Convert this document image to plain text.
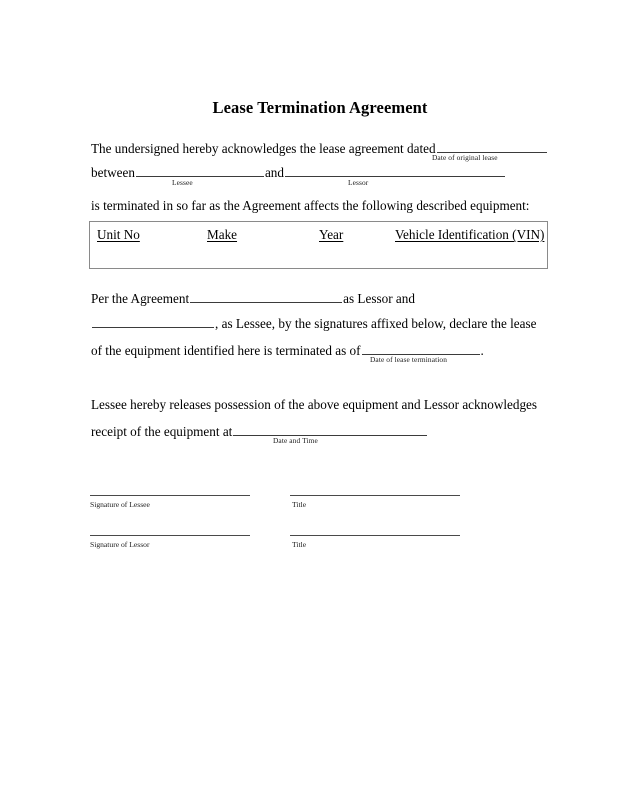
Lease Termination Agreement
The undersigned hereby acknowledges the lease agreement dated
Date of original lease
between	and
Lessee	Lessor
is terminated in so far as the Agreement affects the following described equipment:
Unit No	Make	Year	Vehicle Identification (VIN)
Per the Agreement	as Lessor and
, as Lessee, by the signatures affixed below, declare the lease
of the equipment identified here is terminated as of	.
Date of lease termination
Lessee hereby releases possession of the above equipment and Lessor acknowledges
receipt of the equipment at
Date and Time
Signature of Lessee	Title
Signature of Lessor	Title
